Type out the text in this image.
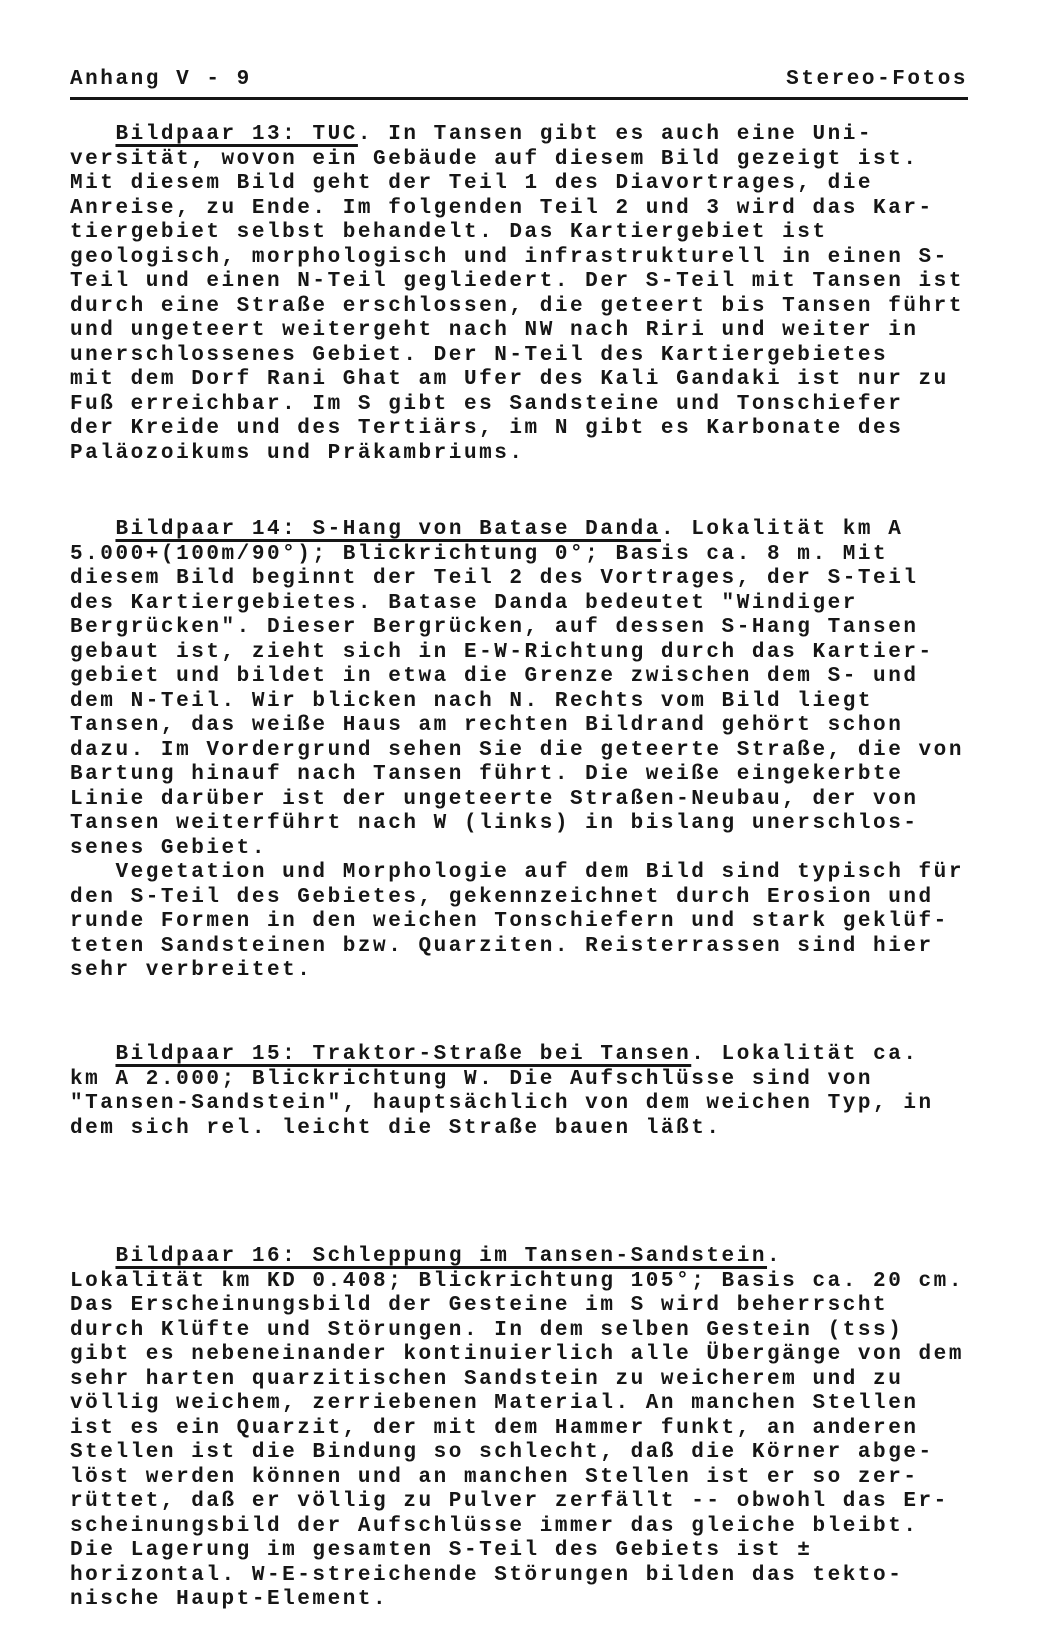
Anhang V - 9	Stereo-Fotos
Bildpaar 13: TUC. In Tansen gibt es auch eine Uni-
versität, wovon ein Gebäude auf diesem Bild gezeigt ist.
Mit diesem Bild geht der Teil 1 des Diavortrages, die
Anreise, zu Ende. Im folgenden Teil 2 und 3 wird das Kar-
tiergebiet selbst behandelt. Das Kartiergebiet ist
geologisch, morphologisch und infrastrukturell in einen S-
Teil und einen N-Teil gegliedert. Der S-Teil mit Tansen ist
durch eine Straße erschlossen, die geteert bis Tansen führt
und ungeteert weitergeht nach NW nach Riri und weiter in
unerschlossenes Gebiet. Der N-Teil des Kartiergebietes
mit dem Dorf Rani Ghat am Ufer des Kali Gandaki ist nur zu
Fuß erreichbar. Im S gibt es Sandsteine und Tonschiefer
der Kreide und des Tertiärs, im N gibt es Karbonate des
Paläozoikums und Präkambriums.
Bildpaar 14: S-Hang von Batase Danda. Lokalität km A
5.000+(100m/90°); Blickrichtung 0°; Basis ca. 8 m. Mit
diesem Bild beginnt der Teil 2 des Vortrages, der S-Teil
des Kartiergebietes. Batase Danda bedeutet "Windiger
Bergrücken". Dieser Bergrücken, auf dessen S-Hang Tansen
gebaut ist, zieht sich in E-W-Richtung durch das Kartier-
gebiet und bildet in etwa die Grenze zwischen dem S- und
dem N-Teil. Wir blicken nach N. Rechts vom Bild liegt
Tansen, das weiße Haus am rechten Bildrand gehört schon
dazu. Im Vordergrund sehen Sie die geteerte Straße, die von
Bartung hinauf nach Tansen führt. Die weiße eingekerbte
Linie darüber ist der ungeteerte Straßen-Neubau, der von
Tansen weiterführt nach W (links) in bislang unerschlos-
senes Gebiet.
Vegetation und Morphologie auf dem Bild sind typisch für
den S-Teil des Gebietes, gekennzeichnet durch Erosion und
runde Formen in den weichen Tonschiefern und stark geklüf-
teten Sandsteinen bzw. Quarziten. Reisterrassen sind hier
sehr verbreitet.
Bildpaar 15: Traktor-Straße bei Tansen. Lokalität ca.
km A 2.000; Blickrichtung W. Die Aufschlüsse sind von
"Tansen-Sandstein", hauptsächlich von dem weichen Typ, in
dem sich rel. leicht die Straße bauen läßt.
Bildpaar 16: Schleppung im Tansen-Sandstein.
Lokalität km KD 0.408; Blickrichtung 105°; Basis ca. 20 cm.
Das Erscheinungsbild der Gesteine im S wird beherrscht
durch Klüfte und Störungen. In dem selben Gestein (tss)
gibt es nebeneinander kontinuierlich alle Übergänge von dem
sehr harten quarzitischen Sandstein zu weicherem und zu
völlig weichem, zerriebenen Material. An manchen Stellen
ist es ein Quarzit, der mit dem Hammer funkt, an anderen
Stellen ist die Bindung so schlecht, daß die Körner abge-
löst werden können und an manchen Stellen ist er so zer-
rüttet, daß er völlig zu Pulver zerfällt -- obwohl das Er-
scheinungsbild der Aufschlüsse immer das gleiche bleibt.
Die Lagerung im gesamten S-Teil des Gebiets ist ±
horizontal. W-E-streichende Störungen bilden das tekto-
nische Haupt-Element.
